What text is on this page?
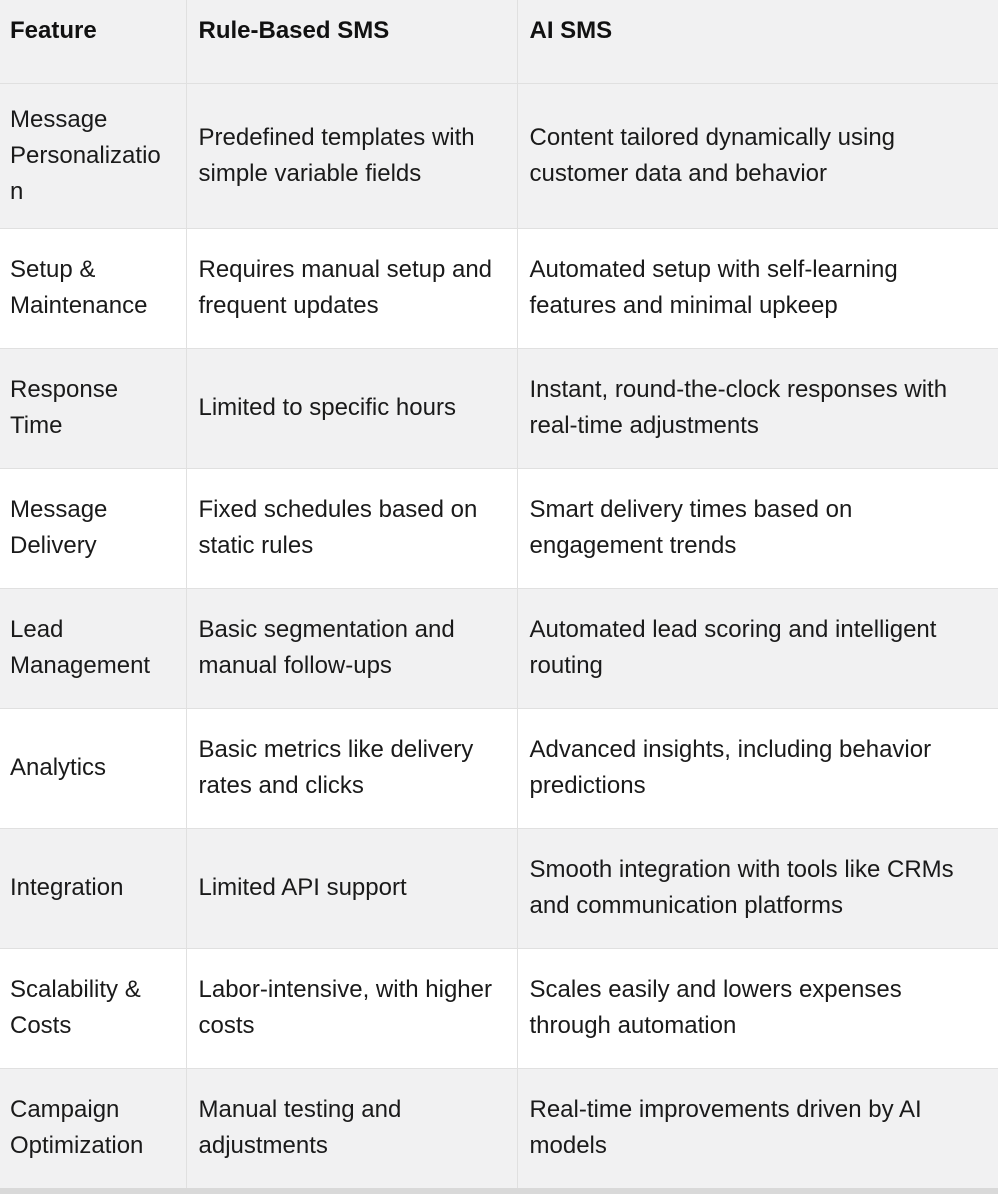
Feature	Rule-Based SMS	AI SMS
Message Personalization	Predefined templates with simple variable fields	Content tailored dynamically using customer data and behavior
Setup & Maintenance	Requires manual setup and frequent updates	Automated setup with self-learning features and minimal upkeep
Response Time	Limited to specific hours	Instant, round-the-clock responses with real-time adjustments
Message Delivery	Fixed schedules based on static rules	Smart delivery times based on engagement trends
Lead Management	Basic segmentation and manual follow-ups	Automated lead scoring and intelligent routing
Analytics	Basic metrics like delivery rates and clicks	Advanced insights, including behavior predictions
Integration	Limited API support	Smooth integration with tools like CRMs and communication platforms
Scalability & Costs	Labor-intensive, with higher costs	Scales easily and lowers expenses through automation
Campaign Optimization	Manual testing and adjustments	Real-time improvements driven by AI models
